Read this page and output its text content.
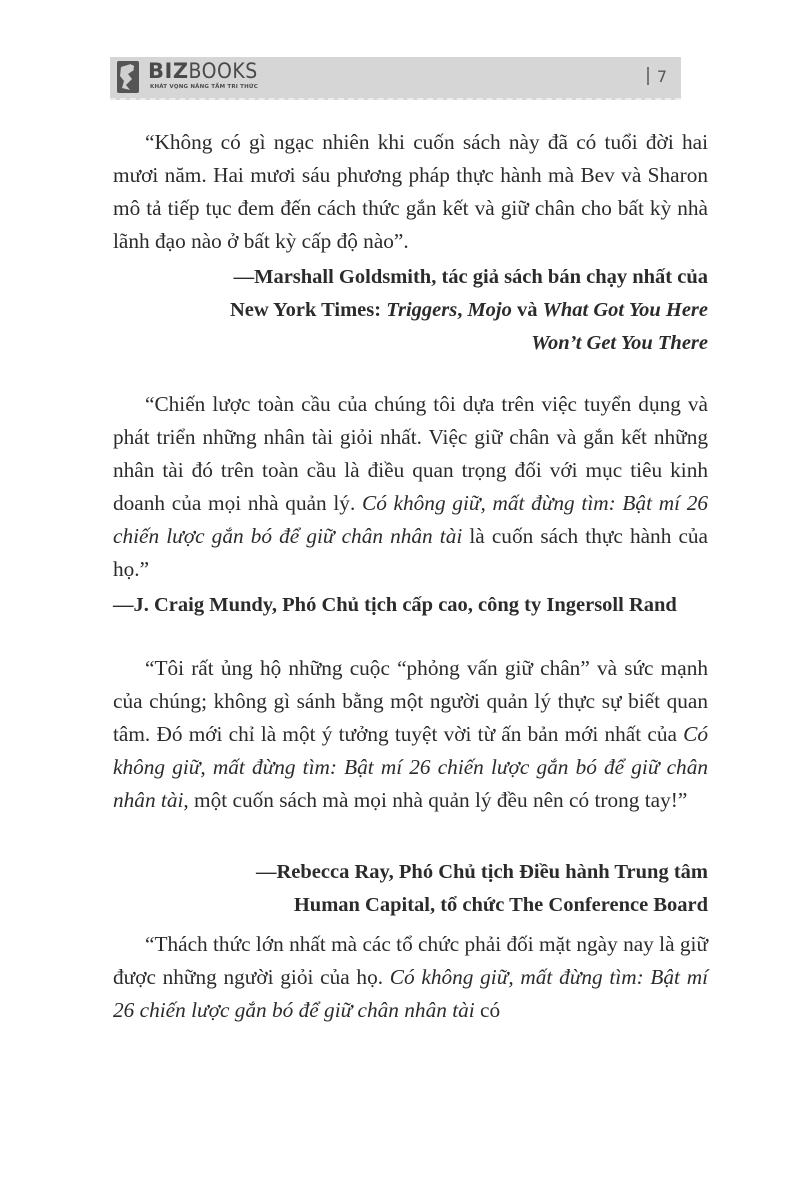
BIZBOOKS
KHÁT VỌNG NÂNG TẦM TRI THỨC
7

“Không có gì ngạc nhiên khi cuốn sách này đã có tuổi đời hai mươi năm. Hai mươi sáu phương pháp thực hành mà Bev và Sharon mô tả tiếp tục đem đến cách thức gắn kết và giữ chân cho bất kỳ nhà lãnh đạo nào ở bất kỳ cấp độ nào”.

—Marshall Goldsmith, tác giả sách bán chạy nhất của
New York Times: Triggers, Mojo và What Got You Here
Won’t Get You There

“Chiến lược toàn cầu của chúng tôi dựa trên việc tuyển dụng và phát triển những nhân tài giỏi nhất. Việc giữ chân và gắn kết những nhân tài đó trên toàn cầu là điều quan trọng đối với mục tiêu kinh doanh của mọi nhà quản lý. Có không giữ, mất đừng tìm: Bật mí 26 chiến lược gắn bó để giữ chân nhân tài là cuốn sách thực hành của họ.”

—J. Craig Mundy, Phó Chủ tịch cấp cao, công ty Ingersoll Rand

“Tôi rất ủng hộ những cuộc “phỏng vấn giữ chân” và sức mạnh của chúng; không gì sánh bằng một người quản lý thực sự biết quan tâm. Đó mới chỉ là một ý tưởng tuyệt vời từ ấn bản mới nhất của Có không giữ, mất đừng tìm: Bật mí 26 chiến lược gắn bó để giữ chân nhân tài, một cuốn sách mà mọi nhà quản lý đều nên có trong tay!”

—Rebecca Ray, Phó Chủ tịch Điều hành Trung tâm
Human Capital, tổ chức The Conference Board

“Thách thức lớn nhất mà các tổ chức phải đối mặt ngày nay là giữ được những người giỏi của họ. Có không giữ, mất đừng tìm: Bật mí 26 chiến lược gắn bó để giữ chân nhân tài có
